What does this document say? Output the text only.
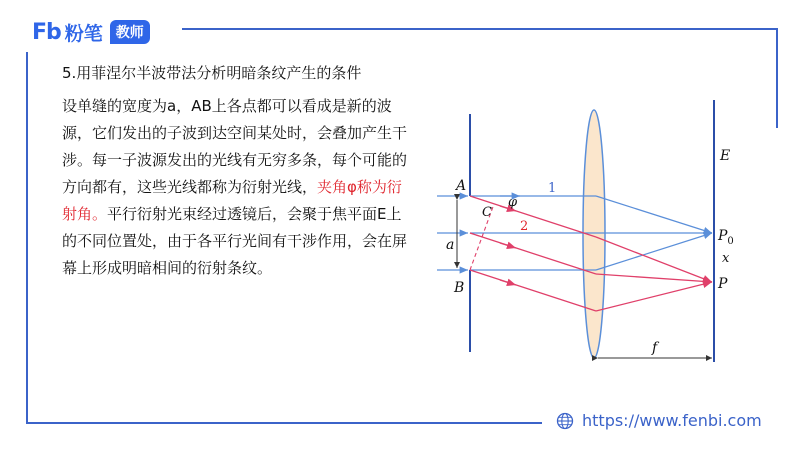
Fb 粉笔 教师
5.用菲涅尔半波带法分析明暗条纹产生的条件
设单缝的宽度为a，AB上各点都可以看成是新的波源，它们发出的子波到达空间某处时，会叠加产生干涉。每一子波源发出的光线有无穷多条，每个可能的方向都有，这些光线都称为衍射光线，夹角φ称为衍射角。平行衍射光束经过透镜后，会聚于焦平面E上的不同位置处，由于各平行光间有干涉作用，会在屏幕上形成明暗相间的衍射条纹。
A
B
C
a
φ
1
2
E
$P_0$
x
P
f
https://www.fenbi.com
